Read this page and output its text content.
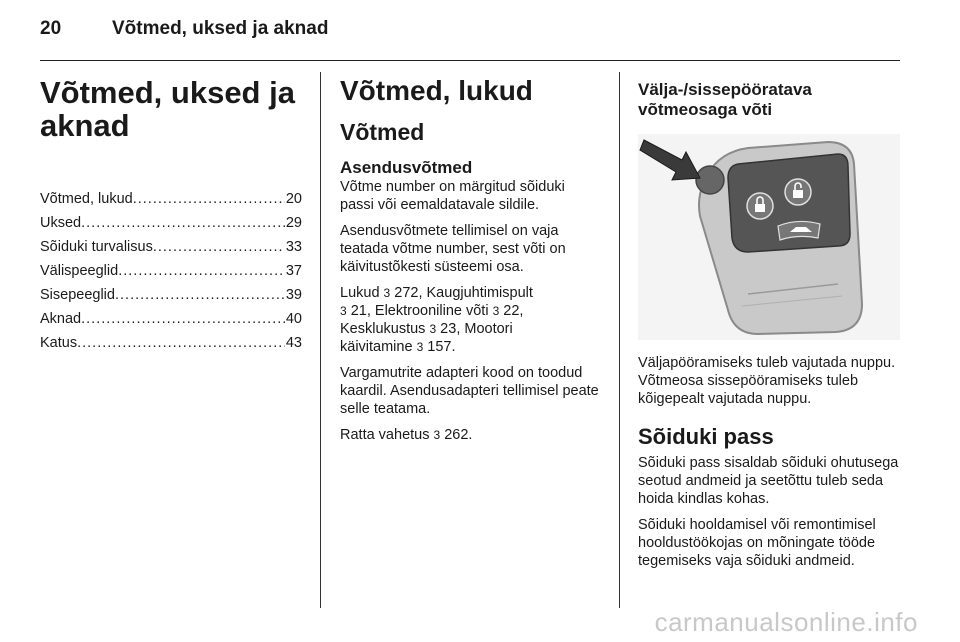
20	Võtmed, uksed ja aknad
Võtmed, uksed ja
aknad
Võtmed, lukud .....	20
Uksed .....	29
Sõiduki turvalisus .....	33
Välispeeglid .....	37
Sisepeeglid .....	39
Aknad .....	40
Katus .....	43
Võtmed, lukud
Võtmed
Asendusvõtmed

Võtme number on märgitud sõiduki passi või eemaldatavale sildile.

Asendusvõtmete tellimisel on vaja teatada võtme number, sest võti on käivitustõkesti süsteemi osa.

Lukud 3 272, Kaugjuhtimispult
3 21, Elektrooniline võti 3 22,
Kesklukustus 3 23, Mootori
käivitamine 3 157.

Vargamutrite adapteri kood on toodud kaardil. Asendusadapteri tellimisel peate selle teatama.

Ratta vahetus 3 262.

Välja-/sissepööratava
võtmeosaga võti

Väljapööramiseks tuleb vajutada nuppu. Võtmeosa sissepööramiseks tuleb kõigepealt vajutada nuppu.

Sõiduki pass

Sõiduki pass sisaldab sõiduki ohutusega seotud andmeid ja seetõttu tuleb seda hoida kindlas kohas.

Sõiduki hooldamisel või remontimisel hooldustöökojas on mõningate tööde tegemiseks vaja sõiduki andmeid.

carmanualsonline.info
